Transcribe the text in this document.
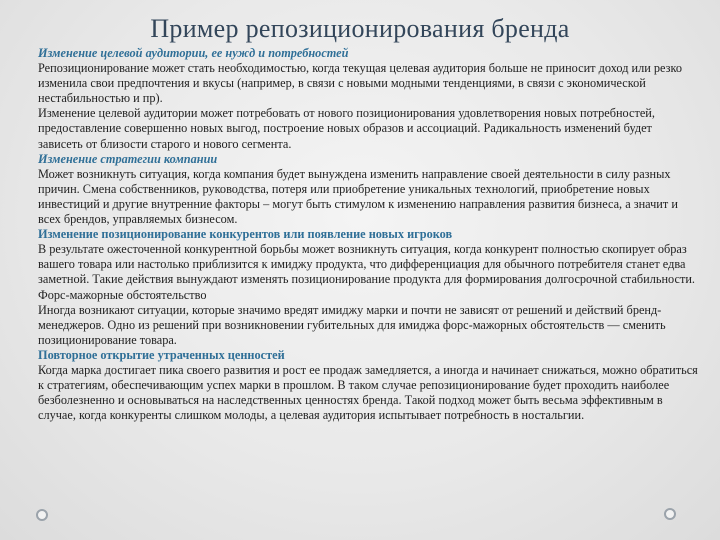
Пример репозиционирования бренда

Изменение целевой аудитории, ее нужд и потребностей

Репозиционирование может стать необходимостью, когда текущая целевая аудитория больше не приносит доход или резко изменила свои предпочтения и вкусы (например, в связи с новыми модными тенденциями, в связи с экономической нестабильностью и пр).

Изменение целевой аудитории может потребовать от нового позиционирования удовлетворения новых потребностей, предоставление совершенно новых выгод, построение новых образов и ассоциаций. Радикальность изменений будет зависеть от близости старого и нового сегмента.

Изменение стратегии компании

Может возникнуть ситуация, когда компания будет вынуждена изменить направление своей деятельности в силу разных причин. Смена собственников, руководства, потеря или приобретение уникальных технологий, приобретение новых инвестиций и другие внутренние факторы – могут быть стимулом к изменению направления развития бизнеса, а значит и всех брендов, управляемых бизнесом.

Изменение позиционирование конкурентов или появление новых игроков

В результате ожесточенной конкурентной борьбы может возникнуть ситуация, когда конкурент полностью скопирует образ вашего товара или настолько приблизится к имиджу продукта, что дифференциация для обычного потребителя станет едва заметной. Такие действия вынуждают изменять позиционирование продукта для формирования долгосрочной стабильности.

Форс-мажорные обстоятельство

Иногда возникают ситуации, которые значимо вредят имиджу марки и почти не зависят от решений и действий бренд-менеджеров. Одно из решений при возникновении губительных для имиджа форс-мажорных обстоятельств — сменить позиционирование товара.

Повторное открытие утраченных ценностей

Когда марка достигает пика своего развития и рост ее продаж замедляется, а иногда и начинает снижаться, можно обратиться к стратегиям, обеспечивающим успех марки в прошлом. В таком случае репозиционирование будет проходить наиболее безболезненно и основываться на наследственных ценностях бренда. Такой подход может быть весьма эффективным в случае, когда конкуренты слишком молоды, а целевая аудитория испытывает потребность в ностальгии.
